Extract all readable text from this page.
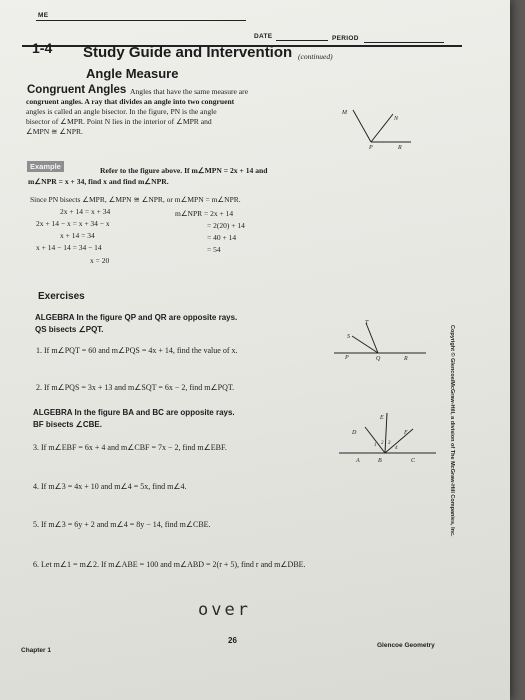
ME
DATE	PERIOD
1-4 Study Guide and Intervention (continued)
Angle Measure
Congruent Angles Angles that have the same measure are
congruent angles. A ray that divides an angle into two congruent
angles is called an angle bisector. In the figure, PN is the angle
bisector of ∠MPR. Point N lies in the interior of ∠MPR and
∠MPN ≅ ∠NPR.
M
N
P	R
Example	Refer to the figure above. If m∠MPN = 2x + 14 and
m∠NPR = x + 34, find x and find m∠NPR.
Since PN bisects ∠MPR, ∠MPN ≅ ∠NPR, or m∠MPN = m∠NPR.
2x + 14 = x + 34
2x + 14 − x = x + 34 − x
x + 14 = 34
x + 14 − 14 = 34 − 14
x = 20
m∠NPR = 2x + 14
= 2(20) + 14
= 40 + 14
= 54
Exercises
ALGEBRA In the figure QP and QR are opposite rays.
QS bisects ∠PQT.
S
T
P	Q	R
1. If m∠PQT = 60 and m∠PQS = 4x + 14, find the value of x.
2. If m∠PQS = 3x + 13 and m∠SQT = 6x − 2, find m∠PQT.
ALGEBRA In the figure BA and BC are opposite rays.
BF bisects ∠CBE.
D
E
F
A	B	C
1 2 3
4
3. If m∠EBF = 6x + 4 and m∠CBF = 7x − 2, find m∠EBF.
4. If m∠3 = 4x + 10 and m∠4 = 5x, find m∠4.
5. If m∠3 = 6y + 2 and m∠4 = 8y − 14, find m∠CBE.
6. Let m∠1 = m∠2. If m∠ABE = 100 and m∠ABD = 2(r + 5), find r and m∠DBE.
over
Chapter 1
26
Glencoe Geometry
Copyright © Glencoe/McGraw-Hill, a division of The McGraw-Hill Companies, Inc.
